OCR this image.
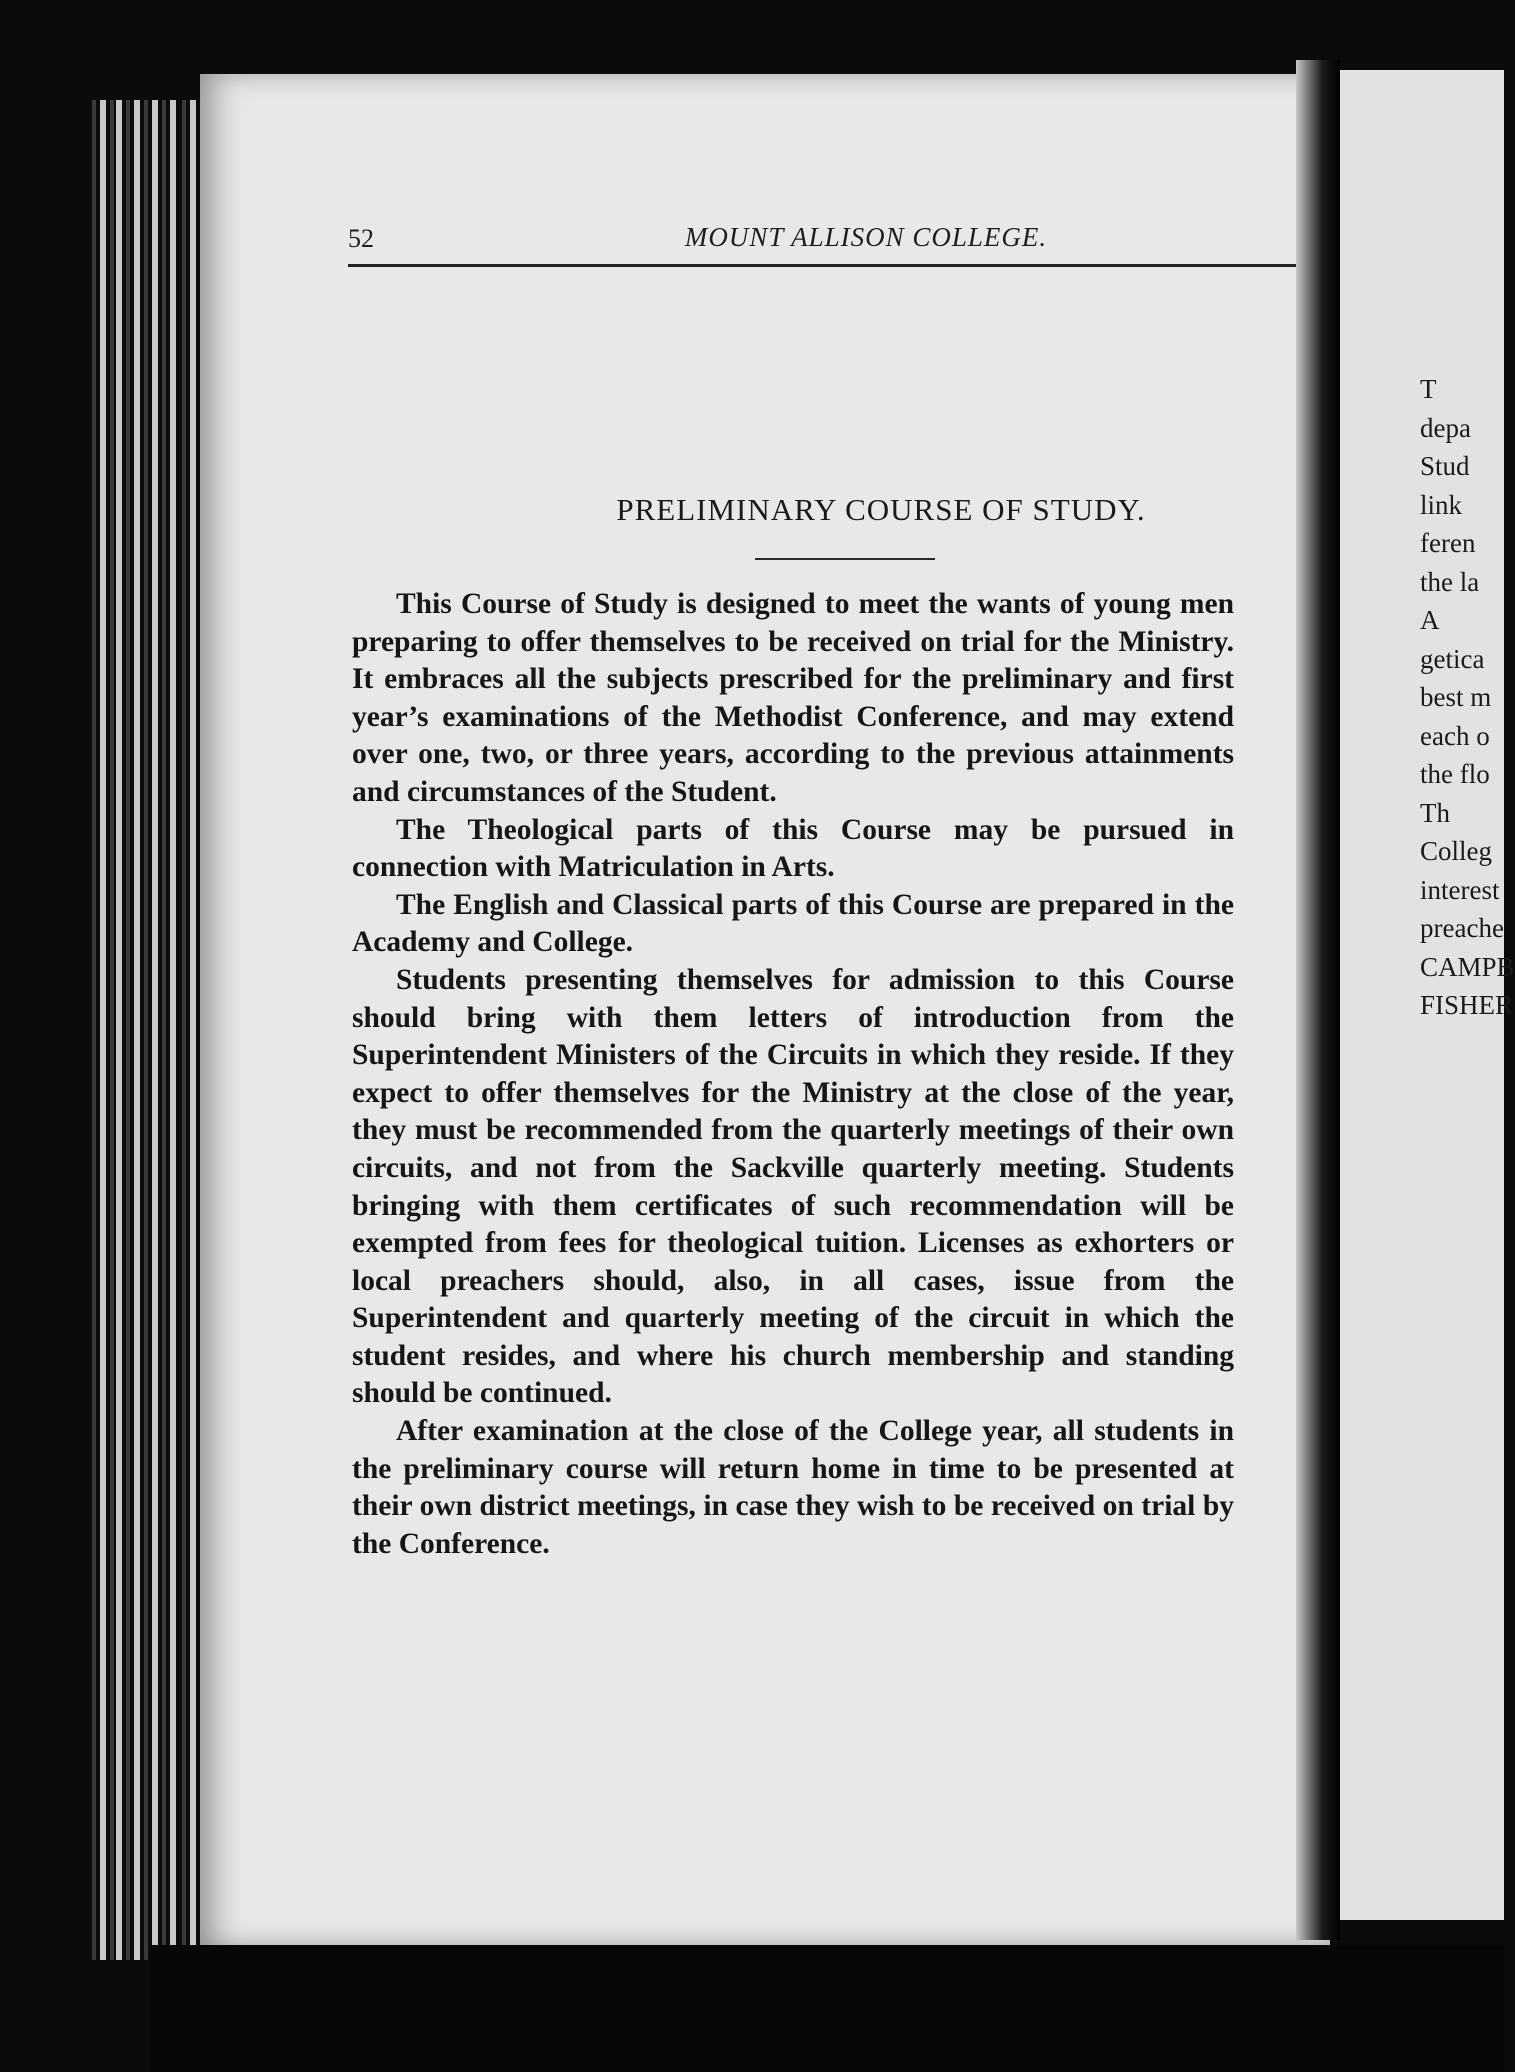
52	MOUNT ALLISON COLLEGE.
PRELIMINARY COURSE OF STUDY.

This Course of Study is designed to meet the wants of young men preparing to offer themselves to be received on trial for the Ministry. It embraces all the subjects prescribed for the preliminary and first year’s examinations of the Methodist Conference, and may extend over one, two, or three years, according to the previous attainments and circumstances of the Student.

The Theological parts of this Course may be pursued in connection with Matriculation in Arts.

The English and Classical parts of this Course are prepared in the Academy and College.

Students presenting themselves for admission to this Course should bring with them letters of introduction from the Superintendent Ministers of the Circuits in which they reside. If they expect to offer themselves for the Ministry at the close of the year, they must be recommended from the quarterly meetings of their own circuits, and not from the Sackville quarterly meeting. Students bringing with them certificates of such recommendation will be exempted from fees for theological tuition. Licenses as exhorters or local preachers should, also, in all cases, issue from the Superintendent and quarterly meeting of the circuit in which the student resides, and where his church membership and standing should be continued.

After examination at the close of the College year, all students in the preliminary course will return home in time to be presented at their own district meetings, in case they wish to be received on trial by the Conference.

T
depa
Stud
link
feren
the la
A
getica
best m
each o
the flo
Th
Colleg
interest
preache
CAMPB
FISHER
